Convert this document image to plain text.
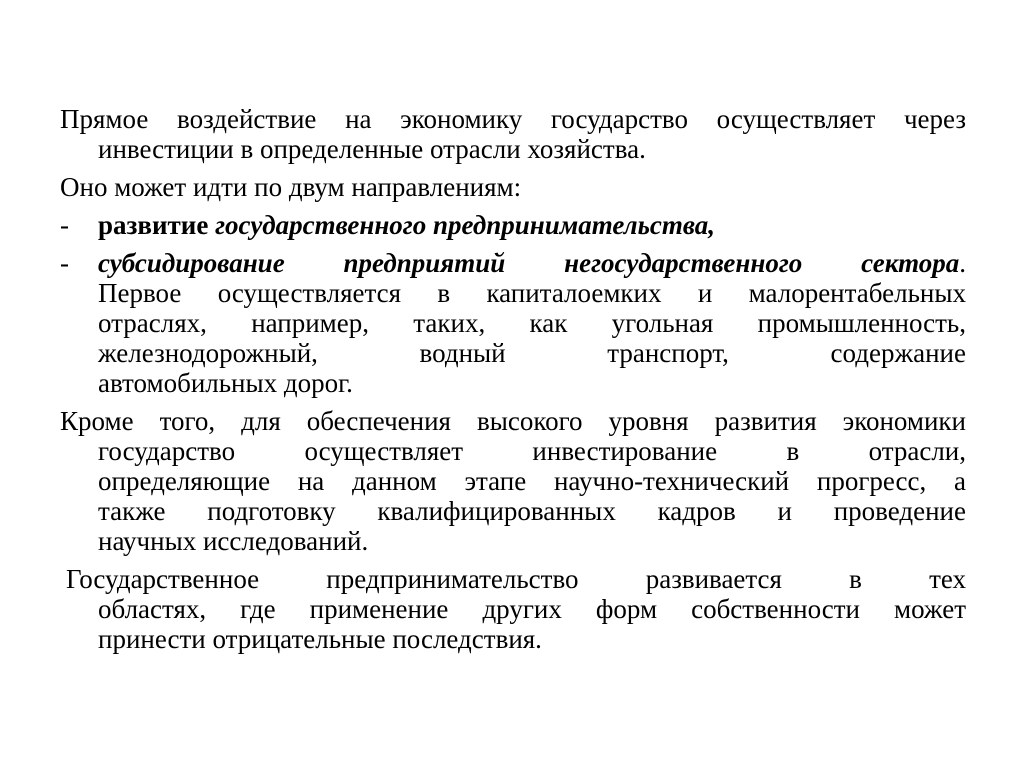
Прямое воздействие на экономику государство осуществляет через
инвестиции в определенные отрасли хозяйства.
Оно может идти по двум направлениям:
-	развитие государственного предпринимательства,
-	субсидирование предприятий негосударственного сектора.
Первое осуществляется в капиталоемких и малорентабельных
отраслях, например, таких, как угольная промышленность,
железнодорожный, водный транспорт, содержание
автомобильных дорог.
Кроме того, для обеспечения высокого уровня развития экономики
государство осуществляет инвестирование в отрасли,
определяющие на данном этапе научно-технический прогресс, а
также подготовку квалифицированных кадров и проведение
научных исследований.
Государственное предпринимательство развивается в тех
областях, где применение других форм собственности может
принести отрицательные последствия.
